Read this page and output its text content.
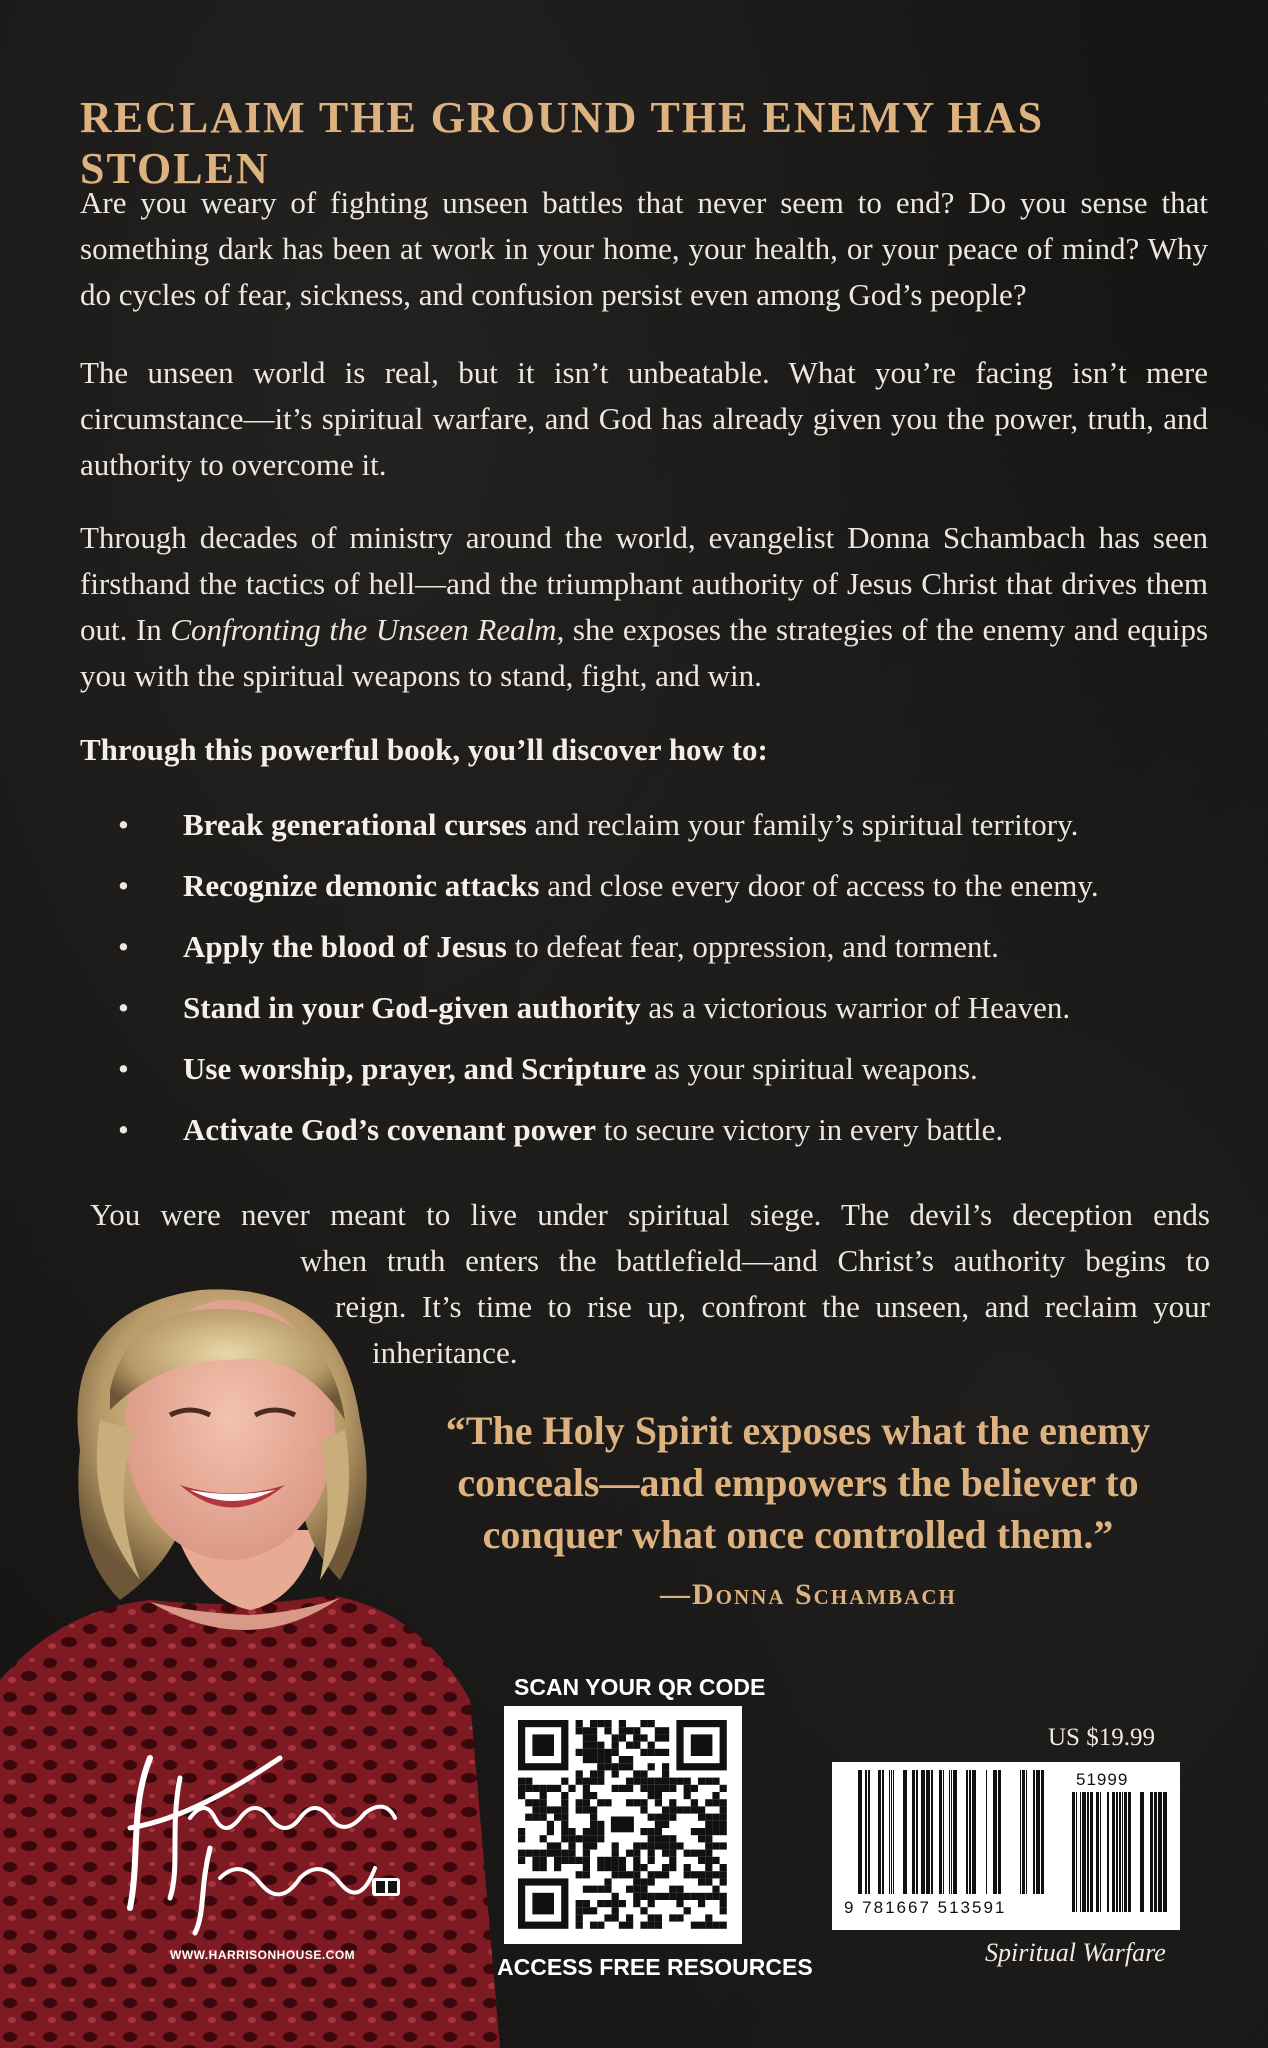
RECLAIM THE GROUND THE ENEMY HAS STOLEN

Are you weary of fighting unseen battles that never seem to end? Do you sense that something dark has been at work in your home, your health, or your peace of mind? Why do cycles of fear, sickness, and confusion persist even among God’s people?

The unseen world is real, but it isn’t unbeatable. What you’re facing isn’t mere circumstance—it’s spiritual warfare, and God has already given you the power, truth, and authority to overcome it.

Through decades of ministry around the world, evangelist Donna Schambach has seen firsthand the tactics of hell—and the triumphant authority of Jesus Christ that drives them out. In Confronting the Unseen Realm, she exposes the strategies of the enemy and equips you with the spiritual weapons to stand, fight, and win.

Through this powerful book, you’ll discover how to:

• Break generational curses and reclaim your family’s spiritual territory.
• Recognize demonic attacks and close every door of access to the enemy.
• Apply the blood of Jesus to defeat fear, oppression, and torment.
• Stand in your God-given authority as a victorious warrior of Heaven.
• Use worship, prayer, and Scripture as your spiritual weapons.
• Activate God’s covenant power to secure victory in every battle.
You were never meant to live under spiritual siege. The devil’s deception ends
when truth enters the battlefield—and Christ’s authority begins to
reign. It’s time to rise up, confront the unseen, and reclaim your
inheritance.

“The Holy Spirit exposes what the enemy conceals—and empowers the believer to conquer what once controlled them.”

—Donna Schambach

WWW.HARRISONHOUSE.COM

SCAN YOUR QR CODE

ACCESS FREE RESOURCES

US $19.99

51999

9 781667 513591

Spiritual Warfare
